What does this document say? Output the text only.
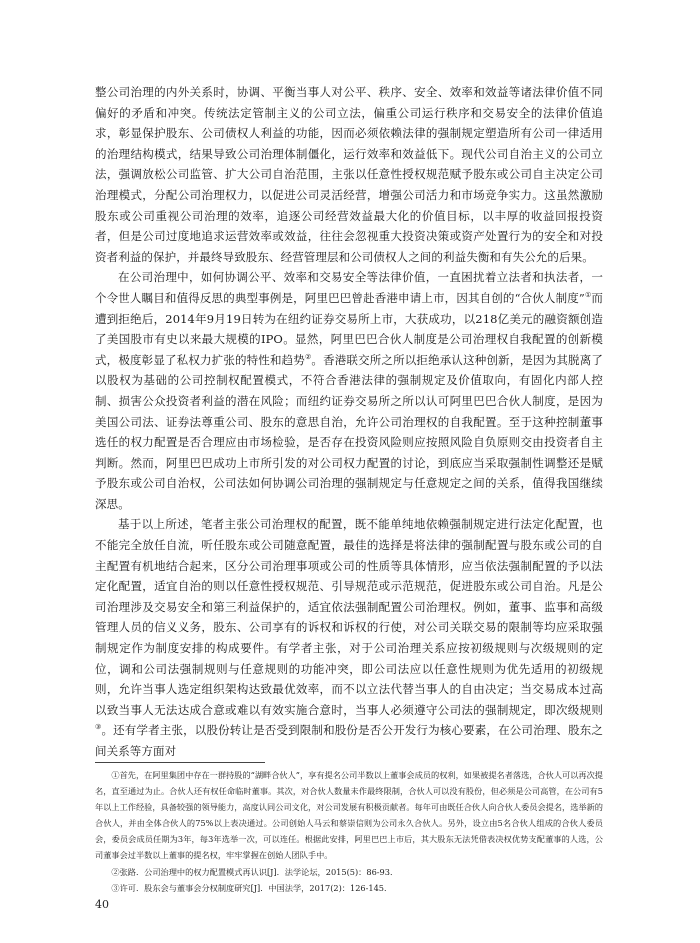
整公司治理的内外关系时，协调、平衡当事人对公平、秩序、安全、效率和效益等诸法律价值不同偏好的矛盾和冲突。传统法定管制主义的公司立法，偏重公司运行秩序和交易安全的法律价值追求，彰显保护股东、公司债权人利益的功能，因而必须依赖法律的强制规定塑造所有公司一律适用的治理结构模式，结果导致公司治理体制僵化，运行效率和效益低下。现代公司自治主义的公司立法，强调放松公司监管、扩大公司自治范围，主张以任意性授权规范赋予股东或公司自主决定公司治理模式，分配公司治理权力，以促进公司灵活经营，增强公司活力和市场竞争实力。这虽然激励股东或公司重视公司治理的效率，追逐公司经营效益最大化的价值目标，以丰厚的收益回报投资者，但是公司过度地追求运营效率或效益，往往会忽视重大投资决策或资产处置行为的安全和对投资者利益的保护，并最终导致股东、经营管理层和公司债权人之间的利益失衡和有失公允的后果。

在公司治理中，如何协调公平、效率和交易安全等法律价值，一直困扰着立法者和执法者，一个令世人瞩目和值得反思的典型事例是，阿里巴巴曾赴香港申请上市，因其自创的“合伙人制度”①而遭到拒绝后，2014年9月19日转为在纽约证券交易所上市，大获成功，以218亿美元的融资额创造了美国股市有史以来最大规模的IPO。显然，阿里巴巴合伙人制度是公司治理权自我配置的创新模式，极度彰显了私权力扩张的特性和趋势②。香港联交所之所以拒绝承认这种创新，是因为其脱离了以股权为基础的公司控制权配置模式，不符合香港法律的强制规定及价值取向，有固化内部人控制、损害公众投资者利益的潜在风险；而纽约证券交易所之所以认可阿里巴巴合伙人制度，是因为美国公司法、证券法尊重公司、股东的意思自治，允许公司治理权的自我配置。至于这种控制董事选任的权力配置是否合理应由市场检验，是否存在投资风险则应按照风险自负原则交由投资者自主判断。然而，阿里巴巴成功上市所引发的对公司权力配置的讨论，到底应当采取强制性调整还是赋予股东或公司自治权，公司法如何协调公司治理的强制规定与任意规定之间的关系，值得我国继续深思。

基于以上所述，笔者主张公司治理权的配置，既不能单纯地依赖强制规定进行法定化配置，也不能完全放任自流，听任股东或公司随意配置，最佳的选择是将法律的强制配置与股东或公司的自主配置有机地结合起来，区分公司治理事项或公司的性质等具体情形，应当依法强制配置的予以法定化配置，适宜自治的则以任意性授权规范、引导规范或示范规范，促进股东或公司自治。凡是公司治理涉及交易安全和第三利益保护的，适宜依法强制配置公司治理权。例如，董事、监事和高级管理人员的信义义务，股东、公司享有的诉权和诉权的行使，对公司关联交易的限制等均应采取强制规定作为制度安排的构成要件。有学者主张，对于公司治理关系应按初级规则与次级规则的定位，调和公司法强制规则与任意规则的功能冲突，即公司法应以任意性规则为优先适用的初级规则，允许当事人选定组织架构达致最优效率，而不以立法代替当事人的自由决定；当交易成本过高以致当事人无法达成合意或难以有效实施合意时，当事人必须遵守公司法的强制规定，即次级规则③。还有学者主张，以股份转让是否受到限制和股份是否公开发行为核心要素，在公司治理、股东之间关系等方面对

①首先，在阿里集团中存在一群持股的“湖畔合伙人”，享有提名公司半数以上董事会成员的权利，如果被提名者落选，合伙人可以再次提名，直至通过为止。合伙人还有权任命临时董事。其次，对合伙人数量未作最终限制，合伙人可以没有股份，但必须是公司高管，在公司有5年以上工作经验，具备较强的领导能力，高度认同公司文化，对公司发展有积极贡献者。每年可由既任合伙人向合伙人委员会提名，选举新的合伙人，并由全体合伙人的75%以上表决通过。公司创始人马云和蔡崇信则为公司永久合伙人。另外，设立由5名合伙人组成的合伙人委员会，委员会成员任期为3年，每3年选举一次，可以连任。根据此安排，阿里巴巴上市后，其大股东无法凭借表决权优势支配董事的人选，公司董事会过半数以上董事的提名权，牢牢掌握在创始人团队手中。

②张路．公司治理中的权力配置模式再认识[J]．法学论坛，2015(5)：86-93．

③许可．股东会与董事会分权制度研究[J]．中国法学，2017(2)：126-145．

40
